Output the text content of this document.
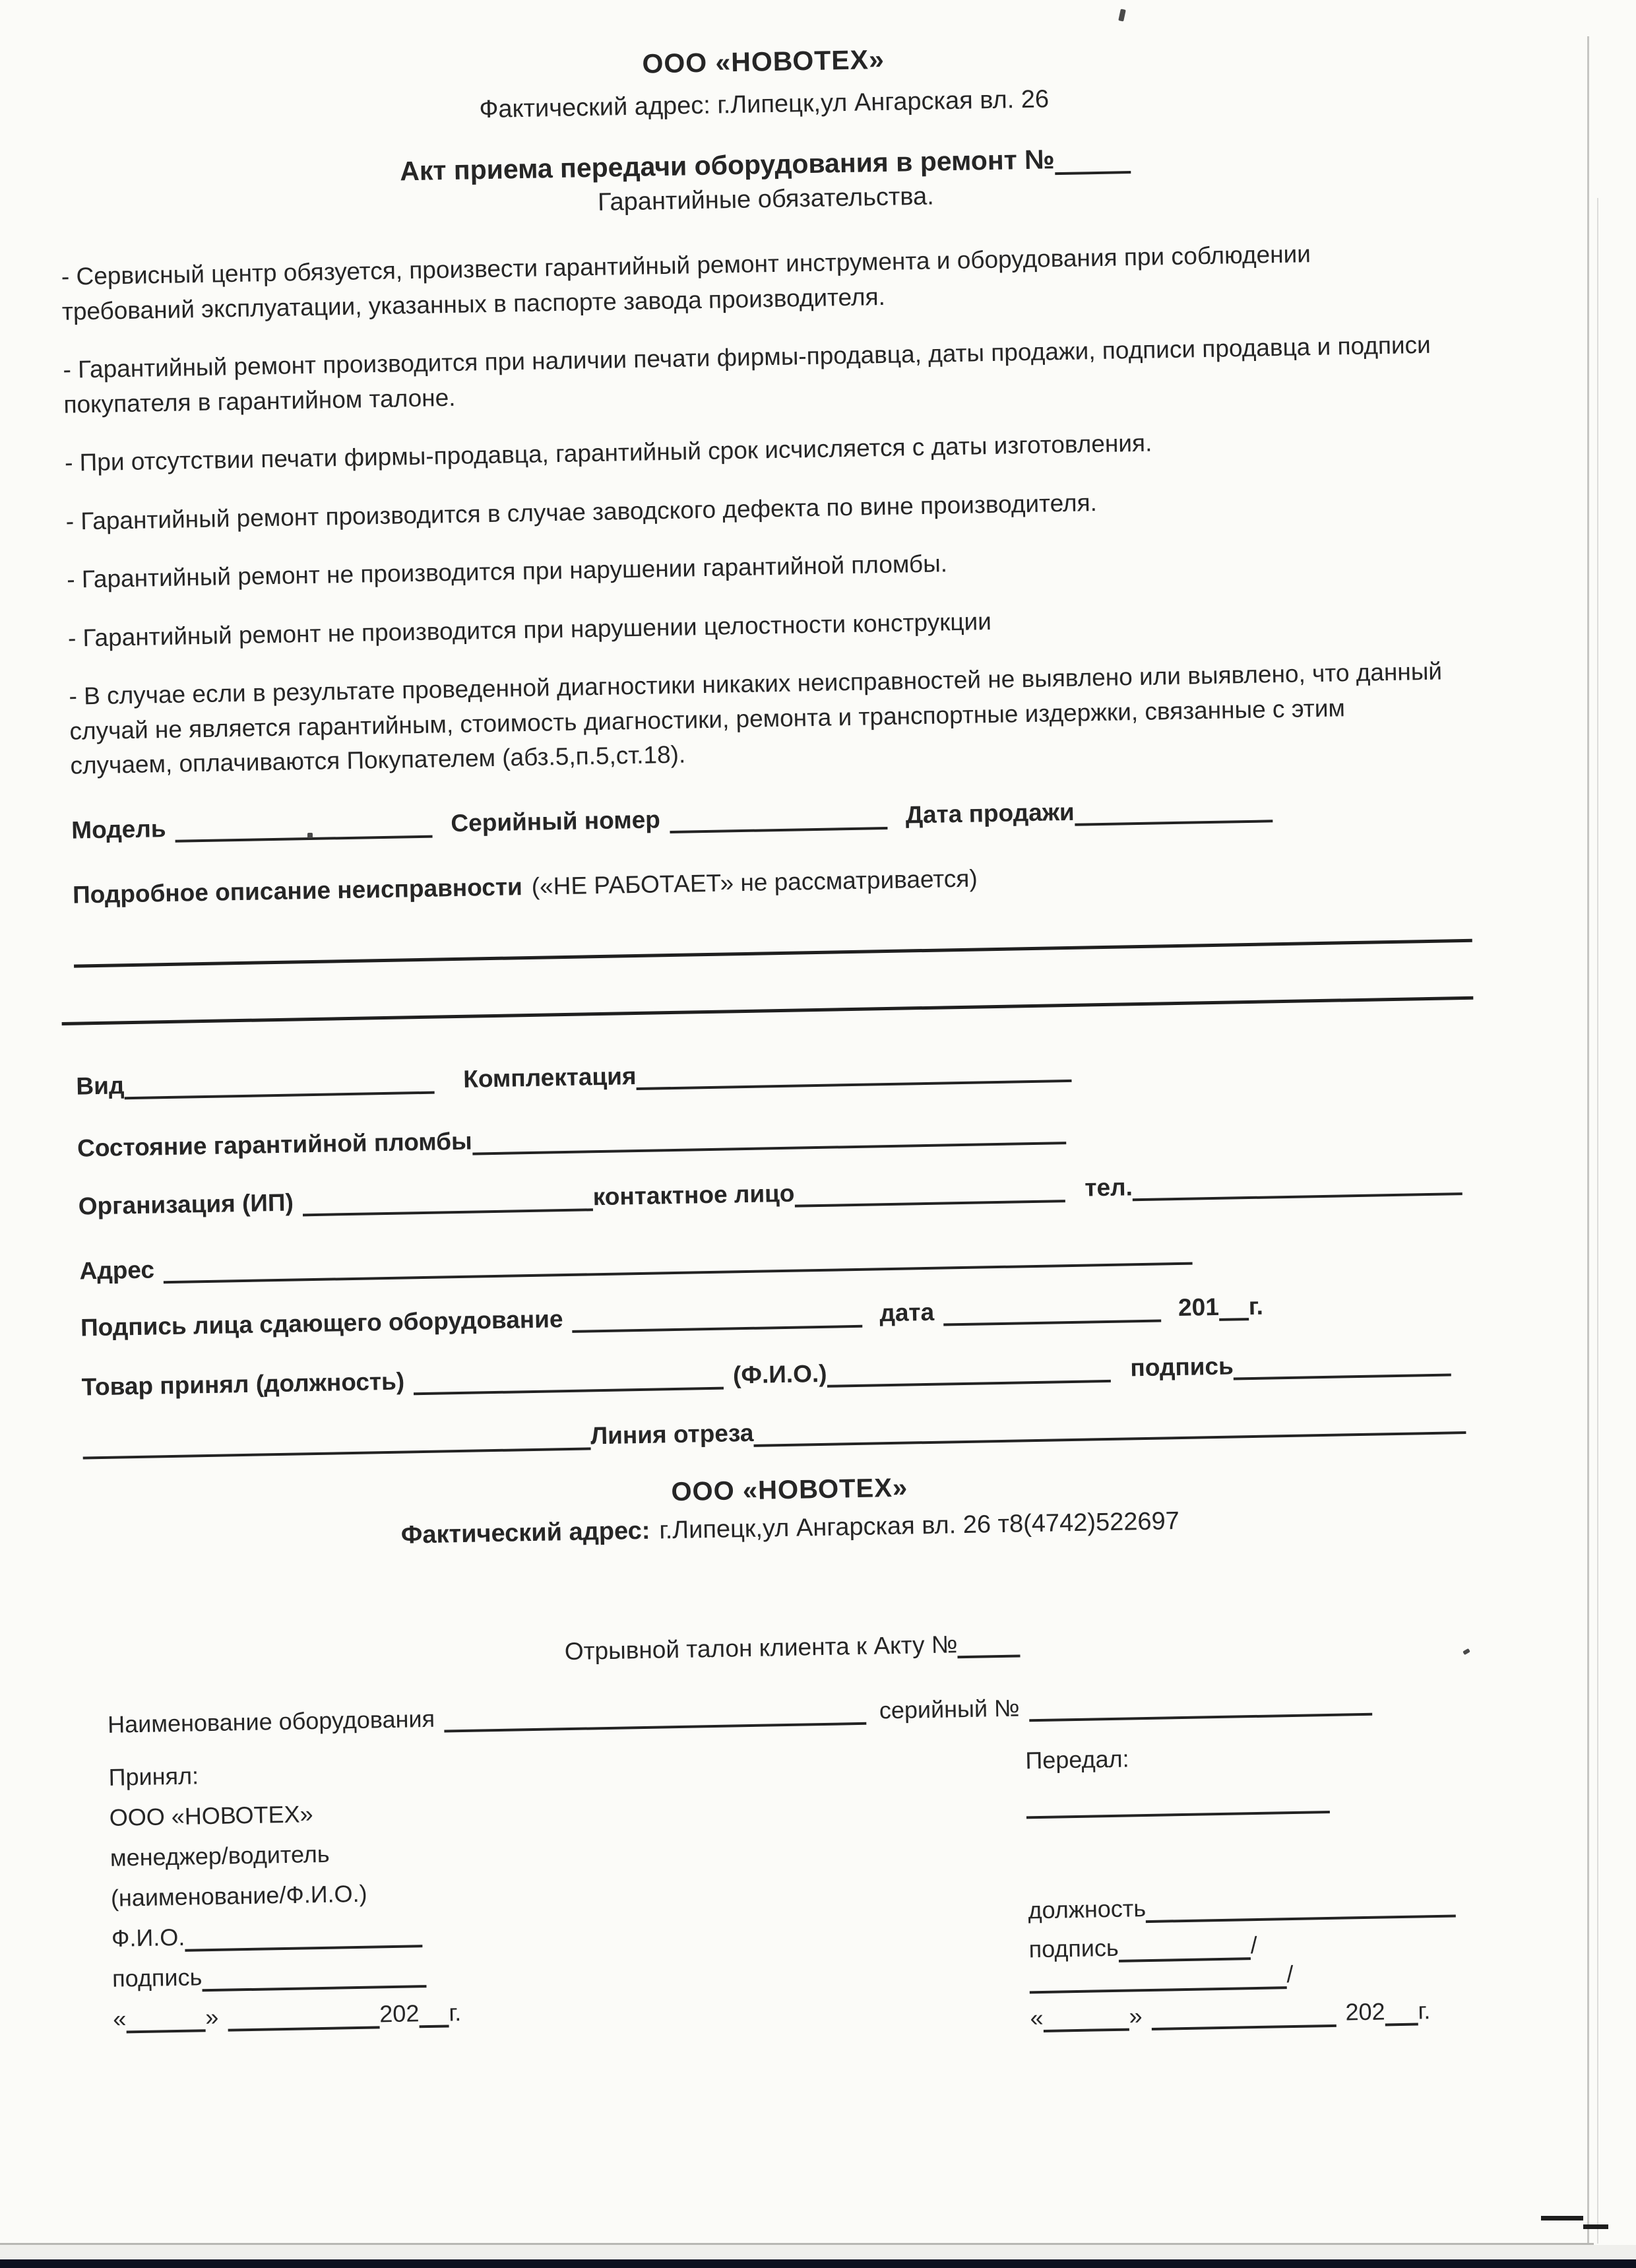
ООО «НОВОТЕХ»
Фактический адрес: г.Липецк,ул Ангарская вл. 26
Акт приема передачи оборудования в ремонт №
Гарантийные обязательства.

- Сервисный центр обязуется, произвести гарантийный ремонт инструмента и оборудования при соблюдении требований эксплуатации, указанных в паспорте завода производителя.

- Гарантийный ремонт производится при наличии печати фирмы-продавца, даты продажи, подписи продавца и подписи покупателя в гарантийном талоне.

- При отсутствии печати фирмы-продавца, гарантийный срок исчисляется с даты изготовления.

- Гарантийный ремонт производится в случае заводского дефекта по вине производителя.

- Гарантийный ремонт не производится при нарушении гарантийной пломбы.

- Гарантийный ремонт не производится при нарушении целостности конструкции

- В случае если в результате проведенной диагностики никаких неисправностей не выявлено или выявлено, что данный случай не является гарантийным, стоимость диагностики, ремонта и транспортные издержки, связанные с этим случаем, оплачиваются Покупателем (абз.5,п.5,ст.18).

Модель	Серийный номер	Дата продажи
Подробное описание неисправности («НЕ РАБОТАЕТ» не рассматривается)
Вид	Комплектация
Состояние гарантийной пломбы
Организация (ИП)	контактное лицо	тел.
Адрес
Подпись лица сдающего оборудование	дата	201 г.
Товар принял (должность)	(Ф.И.О.)	подпись
Линия отреза
ООО «НОВОТЕХ»
Фактический адрес: г.Липецк,ул Ангарская вл. 26 т8(4742)522697
Отрывной талон клиента к Акту №
Наименование оборудования	серийный №
Принял:
ООО «НОВОТЕХ»
менеджер/водитель
(наименование/Ф.И.О.)
Ф.И.О.
подпись
«	»	202 г.
Передал:
должность
подпись	//
«	»	202 г.
